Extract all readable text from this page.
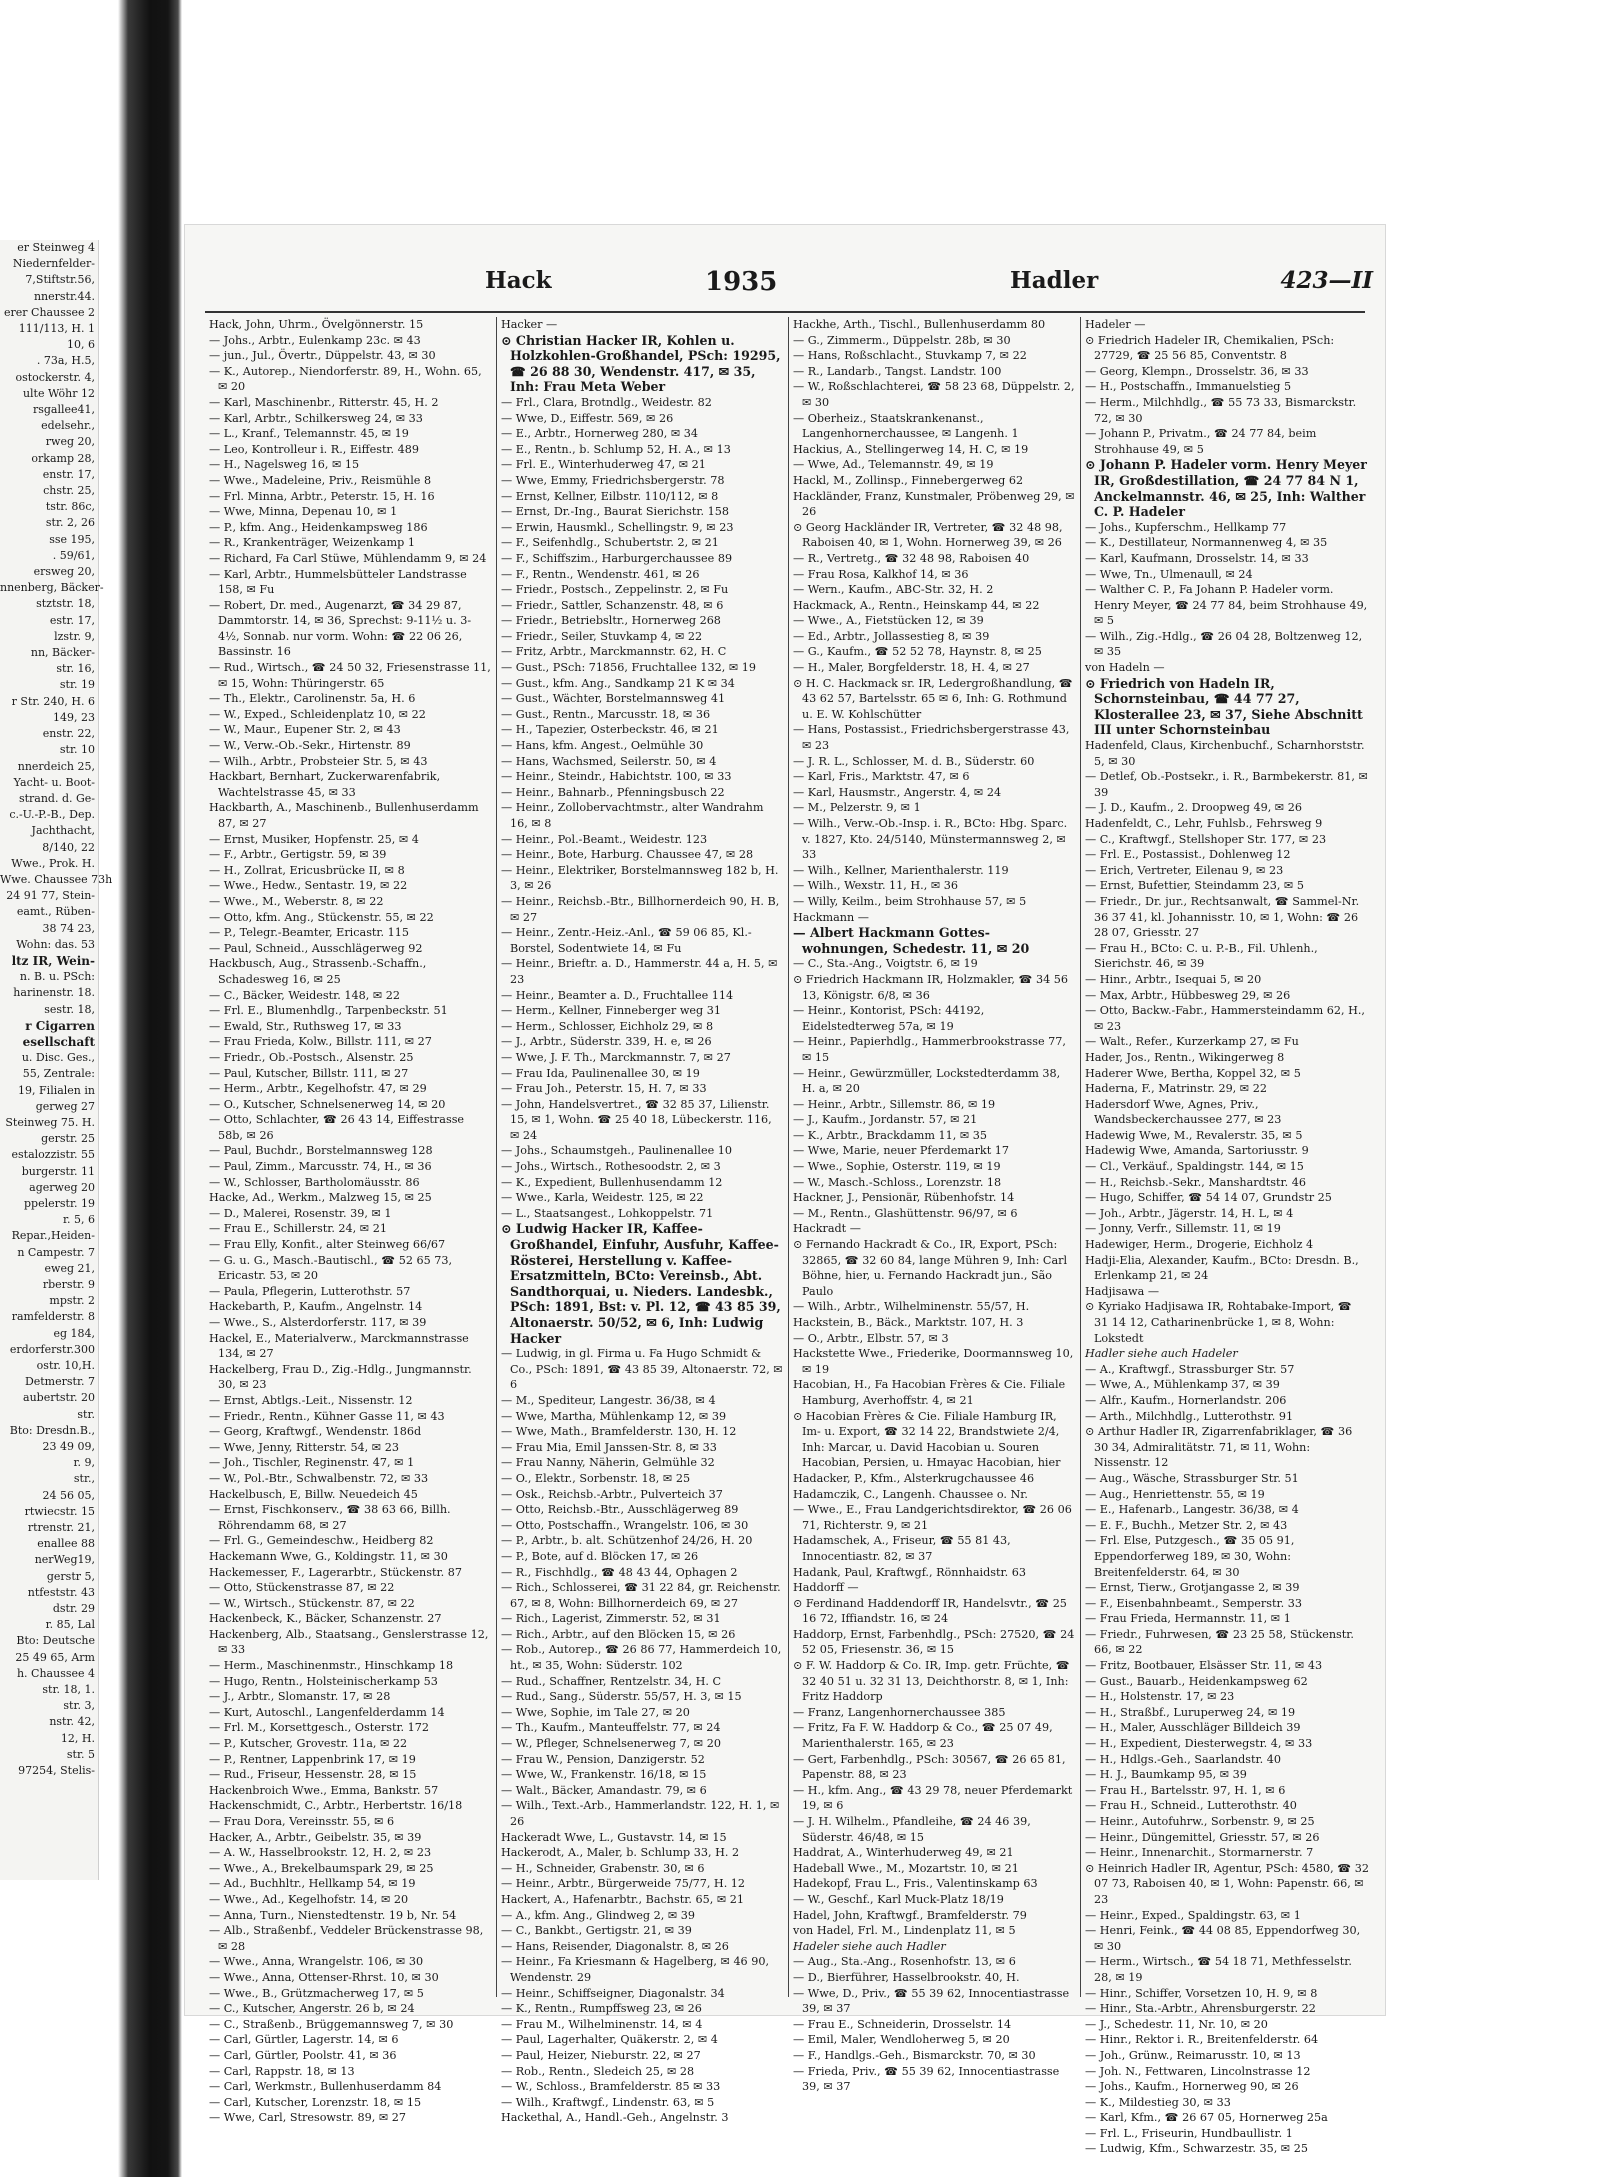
er Steinweg 4
Niedernfelder-
7,Stiftstr.56,
nnerstr.44.
erer Chaussee 2
111/113, H. 1
10, 6
. 73a, H.5,
ostockerstr. 4,
ulte Wöhr 12
rsgallee41,
edelsehr.,
rweg 20,
orkamp 28,
enstr. 17,
chstr. 25,
tstr. 86c,
str. 2, 26
sse 195,
. 59/61,
ersweg 20,
nnenberg, Bäcker-
stztstr. 18,
estr. 17,
lzstr. 9,
nn, Bäcker-
str. 16,
str. 19
r Str. 240, H. 6
149, 23
enstr. 22,
str. 10
nnerdeich 25,
Yacht- u. Boot-
strand. d. Ge-
c.-U.-P.-B., Dep.
Jachthacht,
8/140, 22
Wwe., Prok. H.
Wwe. Chaussee 73h
24 91 77, Stein-
eamt., Rüben-
38 74 23,
Wohn: das. 53
ltz IR, Wein-
n. B. u. PSch:
harinenstr. 18.
sestr. 18,
r Cigarren
esellschaft
u. Disc. Ges.,
55, Zentrale:
19, Filialen in
gerweg 27
Steinweg 75. H.
gerstr. 25
estalozzistr. 55
burgerstr. 11
agerweg 20
ppelerstr. 19
r. 5, 6
Repar.,Heiden-
n Campestr. 7
eweg 21,
rberstr. 9
mpstr. 2
ramfelderstr. 8
eg 184,
erdorferstr.300
ostr. 10,H.
Detmerstr. 7
aubertstr. 20
str.
Bto: Dresdn.B.,
23 49 09,
r. 9,
str.,
24 56 05,
rtwiecstr. 15
rtrenstr. 21,
enallee 88
nerWeg19,
gerstr 5,
ntfeststr. 43
dstr. 29
r. 85, Lal
Bto: Deutsche
25 49 65, Arm
h. Chaussee 4
str. 18, 1.
str. 3,
nstr. 42,
12, H.
str. 5
97254, Stelis-
Hack	1935	Hadler	423—II

Hack, John, Uhrm., Övelgönnerstr. 15

— Johs., Arbtr., Eulenkamp 23c. ✉ 43

— jun., Jul., Övertr., Düppelstr. 43, ✉ 30

— K., Autorep., Niendorferstr. 89, H., Wohn. 65, ✉ 20

— Karl, Maschinenbr., Ritterstr. 45, H. 2

— Karl, Arbtr., Schilkersweg 24, ✉ 33

— L., Kranf., Telemannstr. 45, ✉ 19

— Leo, Kontrolleur i. R., Eiffestr. 489

— H., Nagelsweg 16, ✉ 15

— Wwe., Madeleine, Priv., Reismühle 8

— Frl. Minna, Arbtr., Peterstr. 15, H. 16

— Wwe, Minna, Depenau 10, ✉ 1

— P., kfm. Ang., Heidenkampsweg 186

— R., Krankenträger, Weizenkamp 1

— Richard, Fa Carl Stüwe, Mühlendamm 9, ✉ 24

— Karl, Arbtr., Hummelsbütteler Landstrasse 158, ✉ Fu

— Robert, Dr. med., Augenarzt, ☎ 34 29 87, Dammtorstr. 14, ✉ 36, Sprechst: 9-11½ u. 3-4½, Sonnab. nur vorm. Wohn: ☎ 22 06 26, Bassinstr. 16

— Rud., Wirtsch., ☎ 24 50 32, Friesenstrasse 11, ✉ 15, Wohn: Thüringerstr. 65

— Th., Elektr., Carolinenstr. 5a, H. 6

— W., Exped., Schleidenplatz 10, ✉ 22

— W., Maur., Eupener Str. 2, ✉ 43

— W., Verw.-Ob.-Sekr., Hirtenstr. 89

— Wilh., Arbtr., Probsteier Str. 5, ✉ 43

Hackbart, Bernhart, Zuckerwarenfabrik, Wachtelstrasse 45, ✉ 33

Hackbarth, A., Maschinenb., Bullenhuserdamm 87, ✉ 27

— Ernst, Musiker, Hopfenstr. 25, ✉ 4

— F., Arbtr., Gertigstr. 59, ✉ 39

— H., Zollrat, Ericusbrücke II, ✉ 8

— Wwe., Hedw., Sentastr. 19, ✉ 22

— Wwe., M., Weberstr. 8, ✉ 22

— Otto, kfm. Ang., Stückenstr. 55, ✉ 22

— P., Telegr.-Beamter, Ericastr. 115

— Paul, Schneid., Ausschlägerweg 92

Hackbusch, Aug., Strassenb.-Schaffn., Schadesweg 16, ✉ 25

— C., Bäcker, Weidestr. 148, ✉ 22

— Frl. E., Blumenhdlg., Tarpenbeckstr. 51

— Ewald, Str., Ruthsweg 17, ✉ 33

— Frau Frieda, Kolw., Billstr. 111, ✉ 27

— Friedr., Ob.-Postsch., Alsenstr. 25

— Paul, Kutscher, Billstr. 111, ✉ 27

— Herm., Arbtr., Kegelhofstr. 47, ✉ 29

— O., Kutscher, Schnelsenerweg 14, ✉ 20

— Otto, Schlachter, ☎ 26 43 14, Eiffestrasse 58b, ✉ 26

— Paul, Buchdr., Borstelmannsweg 128

— Paul, Zimm., Marcusstr. 74, H., ✉ 36

— W., Schlosser, Bartholomäusstr. 86

Hacke, Ad., Werkm., Malzweg 15, ✉ 25

— D., Malerei, Rosenstr. 39, ✉ 1

— Frau E., Schillerstr. 24, ✉ 21

— Frau Elly, Konfit., alter Steinweg 66/67

— G. u. G., Masch.-Bautischl., ☎ 52 65 73, Ericastr. 53, ✉ 20

— Paula, Pflegerin, Lutterothstr. 57

Hackebarth, P., Kaufm., Angelnstr. 14

— Wwe., S., Alsterdorferstr. 117, ✉ 39

Hackel, E., Materialverw., Marckmannstrasse 134, ✉ 27

Hackelberg, Frau D., Zig.-Hdlg., Jungmannstr. 30, ✉ 23

— Ernst, Abtlgs.-Leit., Nissenstr. 12

— Friedr., Rentn., Kühner Gasse 11, ✉ 43

— Georg, Kraftwgf., Wendenstr. 186d

— Wwe, Jenny, Ritterstr. 54, ✉ 23

— Joh., Tischler, Reginenstr. 47, ✉ 1

— W., Pol.-Btr., Schwalbenstr. 72, ✉ 33

Hackelbusch, E, Billw. Neuedeich 45

— Ernst, Fischkonserv., ☎ 38 63 66, Billh. Röhrendamm 68, ✉ 27

— Frl. G., Gemeindeschw., Heidberg 82

Hackemann Wwe, G., Koldingstr. 11, ✉ 30

Hackemesser, F., Lagerarbtr., Stückenstr. 87

— Otto, Stückenstrasse 87, ✉ 22

— W., Wirtsch., Stückenstr. 87, ✉ 22

Hackenbeck, K., Bäcker, Schanzenstr. 27

Hackenberg, Alb., Staatsang., Genslerstrasse 12, ✉ 33

— Herm., Maschinenmstr., Hinschkamp 18

— Hugo, Rentn., Holsteinischerkamp 53

— J., Arbtr., Slomanstr. 17, ✉ 28

— Kurt, Autoschl., Langenfelderdamm 14

— Frl. M., Korsettgesch., Osterstr. 172

— P., Kutscher, Grovestr. 11a, ✉ 22

— P., Rentner, Lappenbrink 17, ✉ 19

— Rud., Friseur, Hessenstr. 28, ✉ 15

Hackenbroich Wwe., Emma, Bankstr. 57

Hackenschmidt, C., Arbtr., Herbertstr. 16/18

— Frau Dora, Vereinsstr. 55, ✉ 6

Hacker, A., Arbtr., Geibelstr. 35, ✉ 39

— A. W., Hasselbrookstr. 12, H. 2, ✉ 23

— Wwe., A., Brekelbaumspark 29, ✉ 25

— Ad., Buchhltr., Hellkamp 54, ✉ 19

— Wwe., Ad., Kegelhofstr. 14, ✉ 20

— Anna, Turn., Nienstedtenstr. 19 b, Nr. 54

— Alb., Straßenbf., Veddeler Brückenstrasse 98, ✉ 28

— Wwe., Anna, Wrangelstr. 106, ✉ 30

— Wwe., Anna, Ottenser-Rhrst. 10, ✉ 30

— Wwe., B., Grützmacherweg 17, ✉ 5

— C., Kutscher, Angerstr. 26 b, ✉ 24

— C., Straßenb., Brüggemannsweg 7, ✉ 30

— Carl, Gürtler, Lagerstr. 14, ✉ 6

— Carl, Gürtler, Poolstr. 41, ✉ 36

— Carl, Rappstr. 18, ✉ 13

— Carl, Werkmstr., Bullenhuserdamm 84

— Carl, Kutscher, Lorenzstr. 18, ✉ 15

— Wwe, Carl, Stresowstr. 89, ✉ 27

Hacker —

⊙ Christian Hacker IR, Kohlen u. Holzkohlen-Großhandel, PSch: 19295, ☎ 26 88 30, Wendenstr. 417, ✉ 35, Inh: Frau Meta Weber

— Frl., Clara, Brotndlg., Weidestr. 82

— Wwe, D., Eiffestr. 569, ✉ 26

— E., Arbtr., Hornerweg 280, ✉ 34

— E., Rentn., b. Schlump 52, H. A., ✉ 13

— Frl. E., Winterhuderweg 47, ✉ 21

— Wwe, Emmy, Friedrichsbergerstr. 78

— Ernst, Kellner, Eilbstr. 110/112, ✉ 8

— Ernst, Dr.-Ing., Baurat Sierichstr. 158

— Erwin, Hausmkl., Schellingstr. 9, ✉ 23

— F., Seifenhdlg., Schubertstr. 2, ✉ 21

— F., Schiffszim., Harburgerchaussee 89

— F., Rentn., Wendenstr. 461, ✉ 26

— Friedr., Postsch., Zeppelinstr. 2, ✉ Fu

— Friedr., Sattler, Schanzenstr. 48, ✉ 6

— Friedr., Betriebsltr., Hornerweg 268

— Friedr., Seiler, Stuvkamp 4, ✉ 22

— Fritz, Arbtr., Marckmannstr. 62, H. C

— Gust., PSch: 71856, Fruchtallee 132, ✉ 19

— Gust., kfm. Ang., Sandkamp 21 K ✉ 34

— Gust., Wächter, Borstelmannsweg 41

— Gust., Rentn., Marcusstr. 18, ✉ 36

— H., Tapezier, Osterbeckstr. 46, ✉ 21

— Hans, kfm. Angest., Oelmühle 30

— Hans, Wachsmed, Seilerstr. 50, ✉ 4

— Heinr., Steindr., Habichtstr. 100, ✉ 33

— Heinr., Bahnarb., Pfenningsbusch 22

— Heinr., Zollobervachtmstr., alter Wandrahm 16, ✉ 8

— Heinr., Pol.-Beamt., Weidestr. 123

— Heinr., Bote, Harburg. Chaussee 47, ✉ 28

— Heinr., Elektriker, Borstelmannsweg 182 b, H. 3, ✉ 26

— Heinr., Reichsb.-Btr., Billhornerdeich 90, H. B, ✉ 27

— Heinr., Zentr.-Heiz.-Anl., ☎ 59 06 85, Kl.-Borstel, Sodentwiete 14, ✉ Fu

— Heinr., Brieftr. a. D., Hammerstr. 44 a, H. 5, ✉ 23

— Heinr., Beamter a. D., Fruchtallee 114

— Herm., Kellner, Finneberger weg 31

— Herm., Schlosser, Eichholz 29, ✉ 8

— J., Arbtr., Süderstr. 339, H. e, ✉ 26

— Wwe, J. F. Th., Marckmannstr. 7, ✉ 27

— Frau Ida, Paulinenallee 30, ✉ 19

— Frau Joh., Peterstr. 15, H. 7, ✉ 33

— John, Handelsvertret., ☎ 32 85 37, Lilienstr. 15, ✉ 1, Wohn. ☎ 25 40 18, Lübeckerstr. 116, ✉ 24

— Johs., Schaumstgeh., Paulinenallee 10

— Johs., Wirtsch., Rothesoodstr. 2, ✉ 3

— K., Expedient, Bullenhusendamm 12

— Wwe., Karla, Weidestr. 125, ✉ 22

— L., Staatsangest., Lohkoppelstr. 71

⊙ Ludwig Hacker IR, Kaffee-Großhandel, Einfuhr, Ausfuhr, Kaffee-Rösterei, Herstellung v. Kaffee-Ersatzmitteln, BCto: Vereinsb., Abt. Sandthorquai, u. Nieders. Landesbk., PSch: 1891, Bst: v. Pl. 12, ☎ 43 85 39, Altonaerstr. 50/52, ✉ 6, Inh: Ludwig Hacker

— Ludwig, in gl. Firma u. Fa Hugo Schmidt & Co., PSch: 1891, ☎ 43 85 39, Altonaerstr. 72, ✉ 6

— M., Spediteur, Langestr. 36/38, ✉ 4

— Wwe, Martha, Mühlenkamp 12, ✉ 39

— Wwe, Math., Bramfelderstr. 130, H. 12

— Frau Mia, Emil Janssen-Str. 8, ✉ 33

— Frau Nanny, Näherin, Gelmühle 32

— O., Elektr., Sorbenstr. 18, ✉ 25

— Osk., Reichsb.-Arbtr., Pulverteich 37

— Otto, Reichsb.-Btr., Ausschlägerweg 89

— Otto, Postschaffn., Wrangelstr. 106, ✉ 30

— P., Arbtr., b. alt. Schützenhof 24/26, H. 20

— P., Bote, auf d. Blöcken 17, ✉ 26

— R., Fischhdlg., ☎ 48 43 44, Ophagen 2

— Rich., Schlosserei, ☎ 31 22 84, gr. Reichenstr. 67, ✉ 8, Wohn: Billhornerdeich 69, ✉ 27

— Rich., Lagerist, Zimmerstr. 52, ✉ 31

— Rich., Arbtr., auf den Blöcken 15, ✉ 26

— Rob., Autorep., ☎ 26 86 77, Hammerdeich 10, ht., ✉ 35, Wohn: Süderstr. 102

— Rud., Schaffner, Rentzelstr. 34, H. C

— Rud., Sang., Süderstr. 55/57, H. 3, ✉ 15

— Wwe, Sophie, im Tale 27, ✉ 20

— Th., Kaufm., Manteuffelstr. 77, ✉ 24

— W., Pfleger, Schnelsenerweg 7, ✉ 20

— Frau W., Pension, Danzigerstr. 52

— Wwe, W., Frankenstr. 16/18, ✉ 15

— Walt., Bäcker, Amandastr. 79, ✉ 6

— Wilh., Text.-Arb., Hammerlandstr. 122, H. 1, ✉ 26

Hackeradt Wwe, L., Gustavstr. 14, ✉ 15

Hackerodt, A., Maler, b. Schlump 33, H. 2

— H., Schneider, Grabenstr. 30, ✉ 6

— Heinr., Arbtr., Bürgerweide 75/77, H. 12

Hackert, A., Hafenarbtr., Bachstr. 65, ✉ 21

— A., kfm. Ang., Glindweg 2, ✉ 39

— C., Bankbt., Gertigstr. 21, ✉ 39

— Hans, Reisender, Diagonalstr. 8, ✉ 26

— Heinr., Fa Kriesmann & Hagelberg, ✉ 46 90, Wendenstr. 29

— Heinr., Schiffseigner, Diagonalstr. 34

— K., Rentn., Rumpffsweg 23, ✉ 26

— Frau M., Wilhelminenstr. 14, ✉ 4

— Paul, Lagerhalter, Quäkerstr. 2, ✉ 4

— Paul, Heizer, Nieburstr. 22, ✉ 27

— Rob., Rentn., Sledeich 25, ✉ 28

— W., Schloss., Bramfelderstr. 85 ✉ 33

— Wilh., Kraftwgf., Lindenstr. 63, ✉ 5

Hackethal, A., Handl.-Geh., Angelnstr. 3

Hackhe, Arth., Tischl., Bullenhuserdamm 80

— G., Zimmerm., Düppelstr. 28b, ✉ 30

— Hans, Roßschlacht., Stuvkamp 7, ✉ 22

— R., Landarb., Tangst. Landstr. 100

— W., Roßschlachterei, ☎ 58 23 68, Düppelstr. 2, ✉ 30

— Oberheiz., Staatskrankenanst., Langenhornerchaussee, ✉ Langenh. 1

Hackius, A., Stellingerweg 14, H. C, ✉ 19

— Wwe, Ad., Telemannstr. 49, ✉ 19

Hackl, M., Zollinsp., Finnebergerweg 62

Hackländer, Franz, Kunstmaler, Pröbenweg 29, ✉ 26

⊙ Georg Hackländer IR, Vertreter, ☎ 32 48 98, Raboisen 40, ✉ 1, Wohn. Hornerweg 39, ✉ 26

— R., Vertretg., ☎ 32 48 98, Raboisen 40

— Frau Rosa, Kalkhof 14, ✉ 36

— Wern., Kaufm., ABC-Str. 32, H. 2

Hackmack, A., Rentn., Heinskamp 44, ✉ 22

— Wwe., A., Fietstücken 12, ✉ 39

— Ed., Arbtr., Jollassestieg 8, ✉ 39

— G., Kaufm., ☎ 52 52 78, Haynstr. 8, ✉ 25

— H., Maler, Borgfelderstr. 18, H. 4, ✉ 27

⊙ H. C. Hackmack sr. IR, Ledergroßhandlung, ☎ 43 62 57, Bartelsstr. 65 ✉ 6, Inh: G. Rothmund u. E. W. Kohlschütter

— Hans, Postassist., Friedrichsbergerstrasse 43, ✉ 23

— J. R. L., Schlosser, M. d. B., Süderstr. 60

— Karl, Fris., Marktstr. 47, ✉ 6

— Karl, Hausmstr., Angerstr. 4, ✉ 24

— M., Pelzerstr. 9, ✉ 1

— Wilh., Verw.-Ob.-Insp. i. R., BCto: Hbg. Sparc. v. 1827, Kto. 24/5140, Münstermannsweg 2, ✉ 33

— Wilh., Kellner, Marienthalerstr. 119

— Wilh., Wexstr. 11, H., ✉ 36

— Willy, Keilm., beim Strohhause 57, ✉ 5

Hackmann —

— Albert Hackmann Gottes-wohnungen, Schedestr. 11, ✉ 20

— C., Sta.-Ang., Voigtstr. 6, ✉ 19

⊙ Friedrich Hackmann IR, Holzmakler, ☎ 34 56 13, Königstr. 6/8, ✉ 36

— Heinr., Kontorist, PSch: 44192, Eidelstedterweg 57a, ✉ 19

— Heinr., Papierhdlg., Hammerbrookstrasse 77, ✉ 15

— Heinr., Gewürzmüller, Lockstedterdamm 38, H. a, ✉ 20

— Heinr., Arbtr., Sillemstr. 86, ✉ 19

— J., Kaufm., Jordanstr. 57, ✉ 21

— K., Arbtr., Brackdamm 11, ✉ 35

— Wwe, Marie, neuer Pferdemarkt 17

— Wwe., Sophie, Osterstr. 119, ✉ 19

— W., Masch.-Schloss., Lorenzstr. 18

Hackner, J., Pensionär, Rübenhofstr. 14

— M., Rentn., Glashüttenstr. 96/97, ✉ 6

Hackradt —

⊙ Fernando Hackradt & Co., IR, Export, PSch: 32865, ☎ 32 60 84, lange Mühren 9, Inh: Carl Böhne, hier, u. Fernando Hackradt jun., São Paulo

— Wilh., Arbtr., Wilhelminenstr. 55/57, H.

Hackstein, B., Bäck., Marktstr. 107, H. 3

— O., Arbtr., Elbstr. 57, ✉ 3

Hackstette Wwe., Friederike, Doormannsweg 10, ✉ 19

Hacobian, H., Fa Hacobian Frères & Cie. Filiale Hamburg, Averhoffstr. 4, ✉ 21

⊙ Hacobian Frères & Cie. Filiale Hamburg IR, Im- u. Export, ☎ 32 14 22, Brandstwiete 2/4, Inh: Marcar, u. David Hacobian u. Souren Hacobian, Persien, u. Hmayac Hacobian, hier

Hadacker, P., Kfm., Alsterkrugchaussee 46

Hadamczik, C., Langenh. Chaussee o. Nr.

— Wwe., E., Frau Landgerichtsdirektor, ☎ 26 06 71, Richterstr. 9, ✉ 21

Hadamschek, A., Friseur, ☎ 55 81 43, Innocentiastr. 82, ✉ 37

Hadank, Paul, Kraftwgf., Rönnhaidstr. 63

Haddorff —

⊙ Ferdinand Haddendorff IR, Handelsvtr., ☎ 25 16 72, Iffiandstr. 16, ✉ 24

Haddorp, Ernst, Farbenhdlg., PSch: 27520, ☎ 24 52 05, Friesenstr. 36, ✉ 15

⊙ F. W. Haddorp & Co. IR, Imp. getr. Früchte, ☎ 32 40 51 u. 32 31 13, Deichthorstr. 8, ✉ 1, Inh: Fritz Haddorp

— Franz, Langenhornerchaussee 385

— Fritz, Fa F. W. Haddorp & Co., ☎ 25 07 49, Marienthalerstr. 165, ✉ 23

— Gert, Farbenhdlg., PSch: 30567, ☎ 26 65 81, Papenstr. 88, ✉ 23

— H., kfm. Ang., ☎ 43 29 78, neuer Pferdemarkt 19, ✉ 6

— J. H. Wilhelm., Pfandleihe, ☎ 24 46 39, Süderstr. 46/48, ✉ 15

Haddrat, A., Winterhuderweg 49, ✉ 21

Hadeball Wwe., M., Mozartstr. 10, ✉ 21

Hadekopf, Frau L., Fris., Valentinskamp 63

— W., Geschf., Karl Muck-Platz 18/19

Hadel, John, Kraftwgf., Bramfelderstr. 79

von Hadel, Frl. M., Lindenplatz 11, ✉ 5

Hadeler siehe auch Hadler

— Aug., Sta.-Ang., Rosenhofstr. 13, ✉ 6

— D., Bierführer, Hasselbrookstr. 40, H.

— Wwe, D., Priv., ☎ 55 39 62, Innocentiastrasse 39, ✉ 37

— Frau E., Schneiderin, Drosselstr. 14

— Emil, Maler, Wendloherweg 5, ✉ 20

— F., Handlgs.-Geh., Bismarckstr. 70, ✉ 30

— Frieda, Priv., ☎ 55 39 62, Innocentiastrasse 39, ✉ 37

Hadeler —

⊙ Friedrich Hadeler IR, Chemikalien, PSch: 27729, ☎ 25 56 85, Conventstr. 8

— Georg, Klempn., Drosselstr. 36, ✉ 33

— H., Postschaffn., Immanuelstieg 5

— Herm., Milchhdlg., ☎ 55 73 33, Bismarckstr. 72, ✉ 30

— Johann P., Privatm., ☎ 24 77 84, beim Strohhause 49, ✉ 5

⊙ Johann P. Hadeler vorm. Henry Meyer IR, Großdestillation, ☎ 24 77 84 N 1, Anckelmannstr. 46, ✉ 25, Inh: Walther C. P. Hadeler

— Johs., Kupferschm., Hellkamp 77

— K., Destillateur, Normannenweg 4, ✉ 35

— Karl, Kaufmann, Drosselstr. 14, ✉ 33

— Wwe, Tn., Ulmenaull, ✉ 24

— Walther C. P., Fa Johann P. Hadeler vorm. Henry Meyer, ☎ 24 77 84, beim Strohhause 49, ✉ 5

— Wilh., Zig.-Hdlg., ☎ 26 04 28, Boltzenweg 12, ✉ 35

von Hadeln —

⊙ Friedrich von Hadeln IR, Schornsteinbau, ☎ 44 77 27, Klosterallee 23, ✉ 37, Siehe Abschnitt III unter Schornsteinbau

Hadenfeld, Claus, Kirchenbuchf., Scharnhorststr. 5, ✉ 30

— Detlef, Ob.-Postsekr., i. R., Barmbekerstr. 81, ✉ 39

— J. D., Kaufm., 2. Droopweg 49, ✉ 26

Hadenfeldt, C., Lehr, Fuhlsb., Fehrsweg 9

— C., Kraftwgf., Stellshoper Str. 177, ✉ 23

— Frl. E., Postassist., Dohlenweg 12

— Erich, Vertreter, Eilenau 9, ✉ 23

— Ernst, Bufettier, Steindamm 23, ✉ 5

— Friedr., Dr. jur., Rechtsanwalt, ☎ Sammel-Nr. 36 37 41, kl. Johannisstr. 10, ✉ 1, Wohn: ☎ 26 28 07, Griesstr. 27

— Frau H., BCto: C. u. P.-B., Fil. Uhlenh., Sierichstr. 46, ✉ 39

— Hinr., Arbtr., Isequai 5, ✉ 20

— Max, Arbtr., Hübbesweg 29, ✉ 26

— Otto, Backw.-Fabr., Hammersteindamm 62, H., ✉ 23

— Walt., Refer., Kurzerkamp 27, ✉ Fu

Hader, Jos., Rentn., Wikingerweg 8

Haderer Wwe, Bertha, Koppel 32, ✉ 5

Haderna, F., Matrinstr. 29, ✉ 22

Hadersdorf Wwe, Agnes, Priv., Wandsbeckerchaussee 277, ✉ 23

Hadewig Wwe, M., Revalerstr. 35, ✉ 5

Hadewig Wwe, Amanda, Sartoriusstr. 9

— Cl., Verkäuf., Spaldingstr. 144, ✉ 15

— H., Reichsb.-Sekr., Manshardtstr. 46

— Hugo, Schiffer, ☎ 54 14 07, Grundstr 25

— Joh., Arbtr., Jägerstr. 14, H. L, ✉ 4

— Jonny, Verfr., Sillemstr. 11, ✉ 19

Hadewiger, Herm., Drogerie, Eichholz 4

Hadji-Elia, Alexander, Kaufm., BCto: Dresdn. B., Erlenkamp 21, ✉ 24

Hadjisawa —

⊙ Kyriako Hadjisawa IR, Rohtabake-Import, ☎ 31 14 12, Catharinenbrücke 1, ✉ 8, Wohn: Lokstedt

Hadler siehe auch Hadeler

— A., Kraftwgf., Strassburger Str. 57

— Wwe, A., Mühlenkamp 37, ✉ 39

— Alfr., Kaufm., Hornerlandstr. 206

— Arth., Milchhdlg., Lutterothstr. 91

⊙ Arthur Hadler IR, Zigarrenfabriklager, ☎ 36 30 34, Admiralitätstr. 71, ✉ 11, Wohn: Nissenstr. 12

— Aug., Wäsche, Strassburger Str. 51

— Aug., Henriettenstr. 55, ✉ 19

— E., Hafenarb., Langestr. 36/38, ✉ 4

— E. F., Buchh., Metzer Str. 2, ✉ 43

— Frl. Else, Putzgesch., ☎ 35 05 91, Eppendorferweg 189, ✉ 30, Wohn: Breitenfelderstr. 64, ✉ 30

— Ernst, Tierw., Grotjangasse 2, ✉ 39

— F., Eisenbahnbeamt., Semperstr. 33

— Frau Frieda, Hermannstr. 11, ✉ 1

— Friedr., Fuhrwesen, ☎ 23 25 58, Stückenstr. 66, ✉ 22

— Fritz, Bootbauer, Elsässer Str. 11, ✉ 43

— Gust., Bauarb., Heidenkampsweg 62

— H., Holstenstr. 17, ✉ 23

— H., Straßbf., Luruperweg 24, ✉ 19

— H., Maler, Ausschläger Billdeich 39

— H., Expedient, Diesterwegstr. 4, ✉ 33

— H., Hdlgs.-Geh., Saarlandstr. 40

— H. J., Baumkamp 95, ✉ 39

— Frau H., Bartelsstr. 97, H. 1, ✉ 6

— Frau H., Schneid., Lutterothstr. 40

— Heinr., Autofuhrw., Sorbenstr. 9, ✉ 25

— Heinr., Düngemittel, Griesstr. 57, ✉ 26

— Heinr., Innenarchit., Stormarnerstr. 7

⊙ Heinrich Hadler IR, Agentur, PSch: 4580, ☎ 32 07 73, Raboisen 40, ✉ 1, Wohn: Papenstr. 66, ✉ 23

— Heinr., Exped., Spaldingstr. 63, ✉ 1

— Henri, Feink., ☎ 44 08 85, Eppendorfweg 30, ✉ 30

— Herm., Wirtsch., ☎ 54 18 71, Methfesselstr. 28, ✉ 19

— Hinr., Schiffer, Vorsetzen 10, H. 9, ✉ 8

— Hinr., Sta.-Arbtr., Ahrensburgerstr. 22

— J., Schedestr. 11, Nr. 10, ✉ 20

— Hinr., Rektor i. R., Breitenfelderstr. 64

— Joh., Grünw., Reimarusstr. 10, ✉ 13

— Joh. N., Fettwaren, Lincolnstrasse 12

— Johs., Kaufm., Hornerweg 90, ✉ 26

— K., Mildestieg 30, ✉ 33

— Karl, Kfm., ☎ 26 67 05, Hornerweg 25a

— Frl. L., Friseurin, Hundbaullistr. 1

— Ludwig, Kfm., Schwarzestr. 35, ✉ 25
